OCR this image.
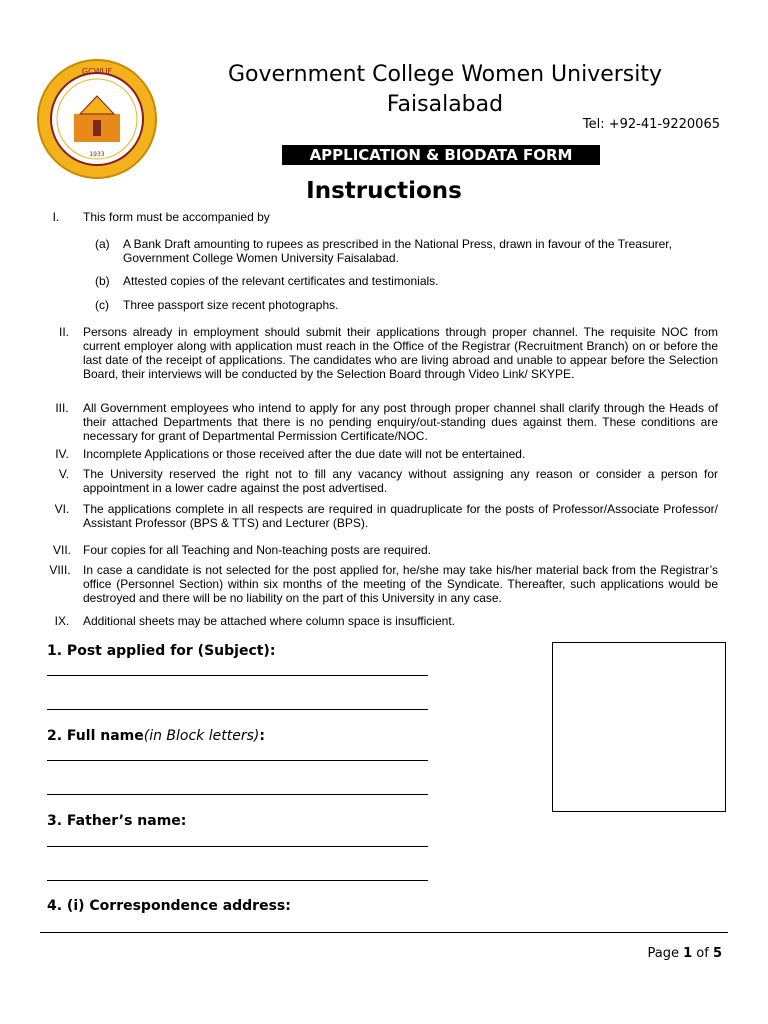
GCWUF
1933
Government College Women University
Faisalabad
Tel: +92-41-9220065
APPLICATION & BIODATA FORM
Instructions
I.	This form must be accompanied by
(a) A Bank Draft amounting to rupees as prescribed in the National Press, drawn in favour of the Treasurer, Government College Women University Faisalabad.
(b) Attested copies of the relevant certificates and testimonials.
(c) Three passport size recent photographs.
II.	Persons already in employment should submit their applications through proper channel. The requisite NOC from current employer along with application must reach in the Office of the Registrar (Recruitment Branch) on or before the last date of the receipt of applications. The candidates who are living abroad and unable to appear before the Selection Board, their interviews will be conducted by the Selection Board through Video Link/ SKYPE.
III.	All Government employees who intend to apply for any post through proper channel shall clarify through the Heads of their attached Departments that there is no pending enquiry/out-standing dues against them. These conditions are necessary for grant of Departmental Permission Certificate/NOC.
IV.	Incomplete Applications or those received after the due date will not be entertained.
V.	The University reserved the right not to fill any vacancy without assigning any reason or consider a person for appointment in a lower cadre against the post advertised.
VI.	The applications complete in all respects are required in quadruplicate for the posts of Professor/Associate Professor/ Assistant Professor (BPS & TTS) and Lecturer (BPS).
VII.	Four copies for all Teaching and Non-teaching posts are required.
VIII.	In case a candidate is not selected for the post applied for, he/she may take his/her material back from the Registrar’s office (Personnel Section) within six months of the meeting of the Syndicate. Thereafter, such applications would be destroyed and there will be no liability on the part of this University in any case.
IX.	Additional sheets may be attached where column space is insufficient.
1. Post applied for (Subject):
2. Full name(in Block letters):
3. Father’s name:
4. (i) Correspondence address:
Page 1 of 5
